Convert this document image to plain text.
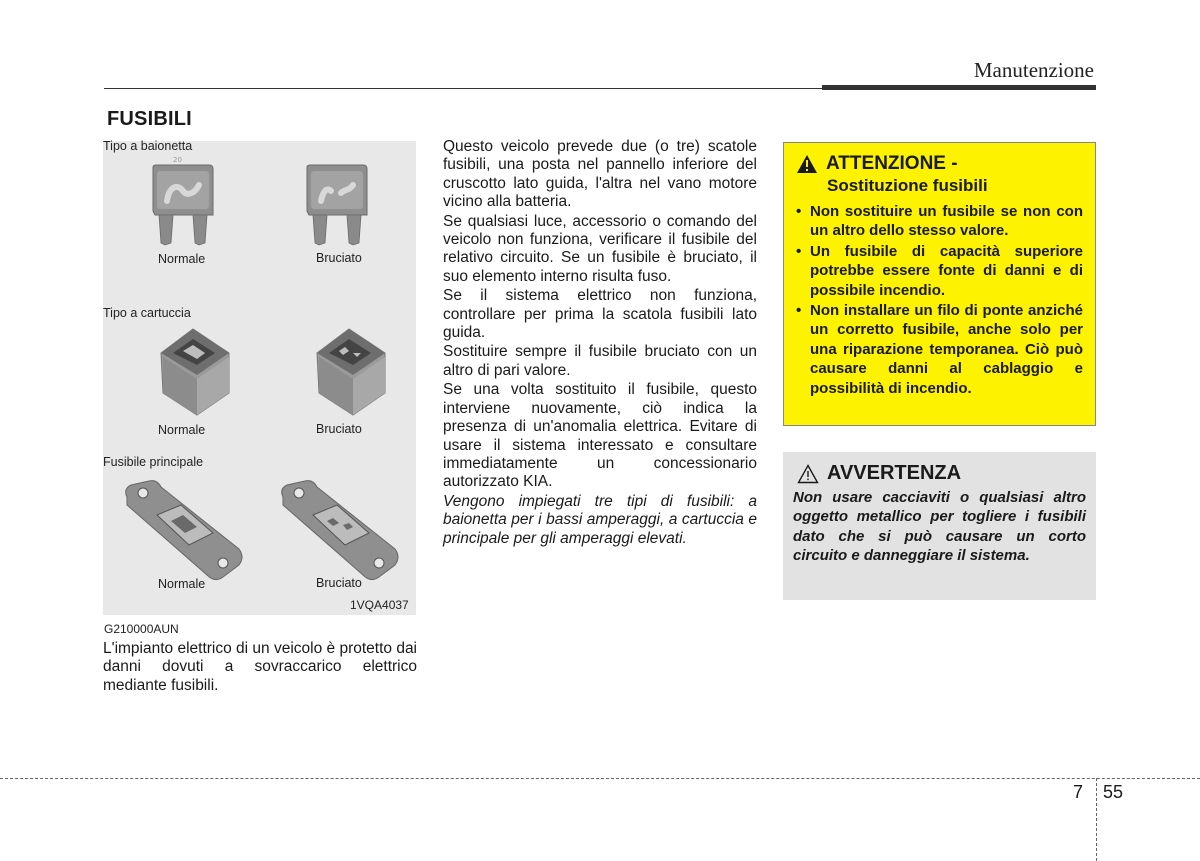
Manutenzione
FUSIBILI
Tipo a baionetta
20
Normale	Bruciato
Tipo a cartuccia
Normale	Bruciato
Fusibile principale
Normale	Bruciato
1VQA4037
G210000AUN
L'impianto elettrico di un veicolo è protetto dai danni dovuti a sovraccarico elettrico mediante fusibili.

Questo veicolo prevede due (o tre) scatole fusibili, una posta nel pannello inferiore del cruscotto lato guida, l'altra nel vano motore vicino alla batteria.

Se qualsiasi luce, accessorio o comando del veicolo non funziona, verificare il fusibile del relativo circuito. Se un fusibile è bruciato, il suo elemento interno risulta fuso.

Se il sistema elettrico non funziona, controllare per prima la scatola fusibili lato guida.

Sostituire sempre il fusibile bruciato con un altro di pari valore.

Se una volta sostituito il fusibile, questo interviene nuovamente, ciò indica la presenza di un'anomalia elettrica. Evitare di usare il sistema interessato e consultare immediatamente un concessionario autorizzato KIA.

Vengono impiegati tre tipi di fusibili: a baionetta per i bassi amperaggi, a cartuccia e principale per gli amperaggi elevati.

ATTENZIONE -
Sostituzione fusibili
• Non sostituire un fusibile se non con un altro dello stesso valore.
• Un fusibile di capacità superiore potrebbe essere fonte di danni e di possibile incendio.
• Non installare un filo di ponte anziché un corretto fusibile, anche solo per una riparazione temporanea. Ciò può causare danni al cablaggio e possibilità di incendio.
AVVERTENZA
Non usare cacciaviti o qualsiasi altro oggetto metallico per togliere i fusibili dato che si può causare un corto circuito e danneggiare il sistema.
7 55
